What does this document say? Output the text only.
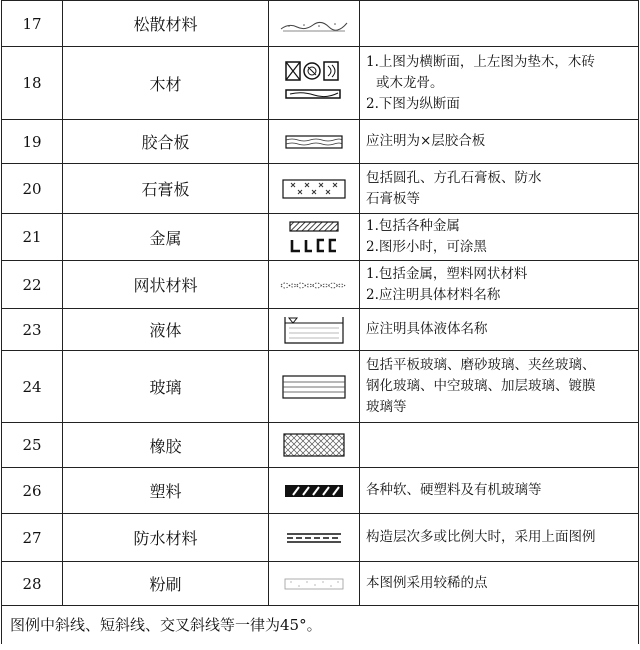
17	松散材料	

18	木材		1.上图为横断面，上左图为垫木，木砖
或木龙骨。
2.下图为纵断面

19	胶合板		应注明为×层胶合板

20	石膏板		包括圆孔、方孔石膏板、防水
石膏板等

21	金属		1.包括各种金属
2.图形小时，可涂黑

22	网状材料		1.包括金属，塑料网状材料
2.应注明具体材料名称

23	液体		应注明具体液体名称

24	玻璃		包括平板玻璃、磨砂玻璃、夹丝玻璃、
钢化玻璃、中空玻璃、加层玻璃、镀膜
玻璃等

25	橡胶	

26	塑料		各种软、硬塑料及有机玻璃等

27	防水材料		构造层次多或比例大时，采用上面图例

28	粉刷		本图例采用较稀的点

图例中斜线、短斜线、交叉斜线等一律为45°。			
